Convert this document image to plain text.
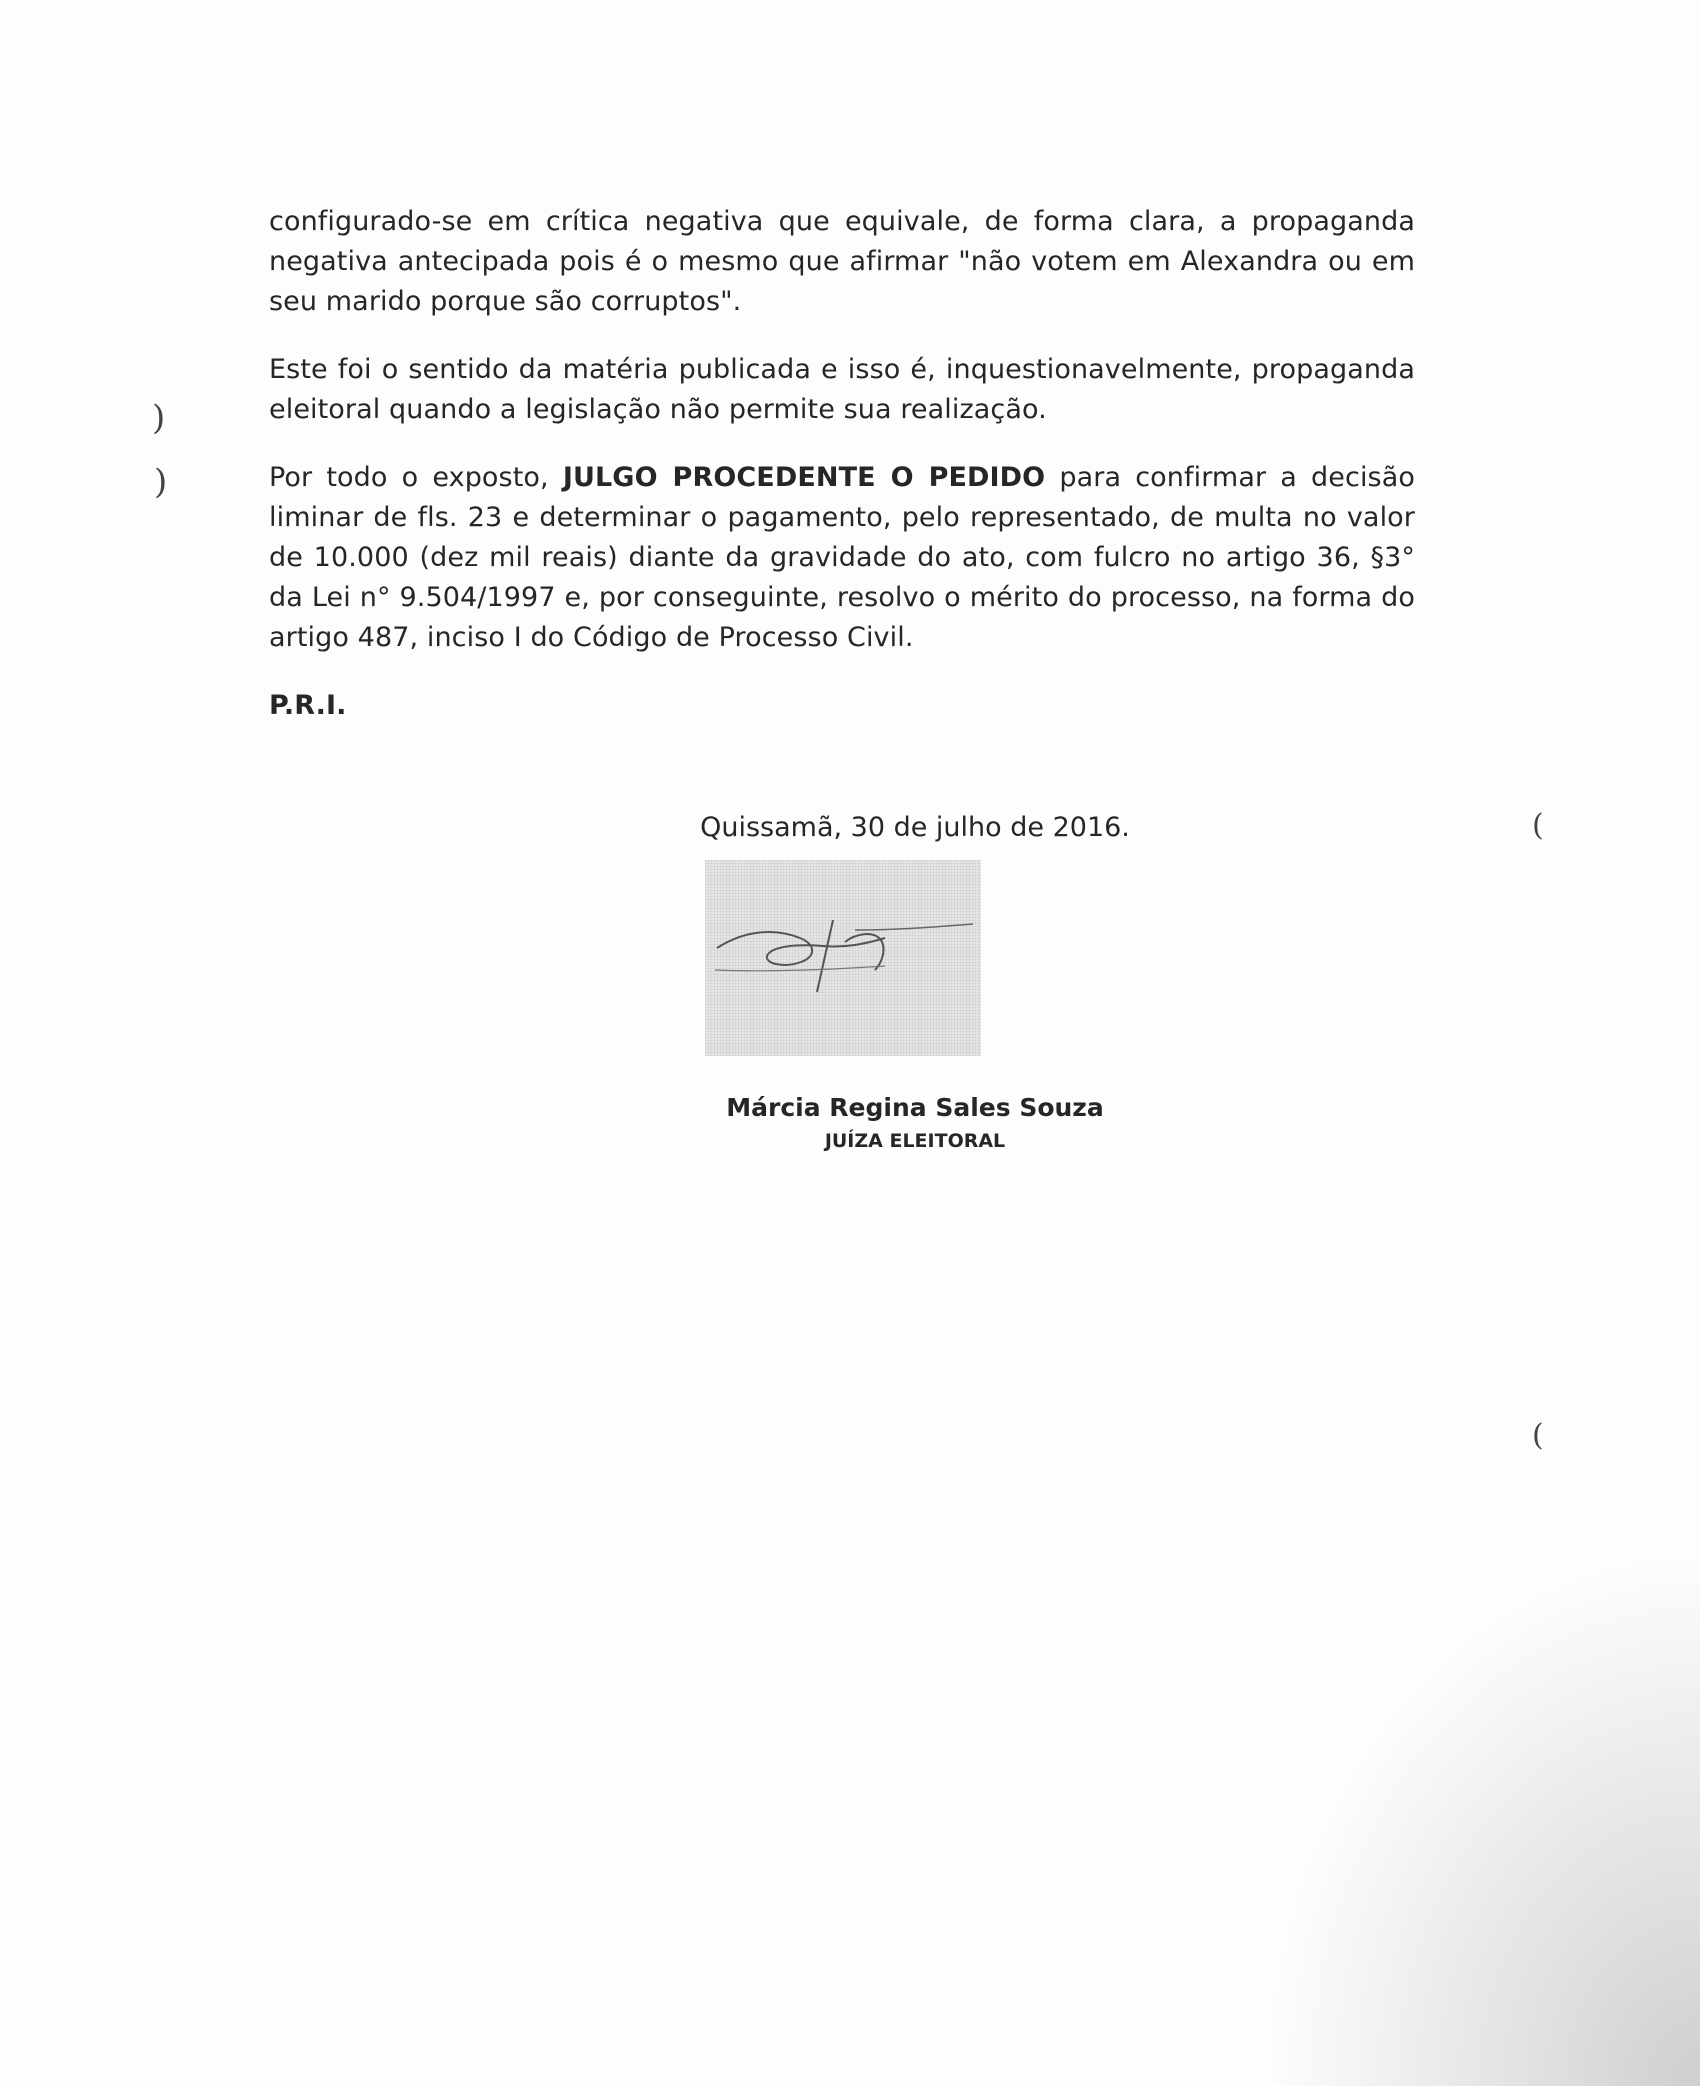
)
)
(
(

configurado-se em crítica negativa que equivale, de forma clara, a propaganda negativa antecipada pois é o mesmo que afirmar "não votem em Alexandra ou em seu marido porque são corruptos".

Este foi o sentido da matéria publicada e isso é, inquestionavelmente, propaganda eleitoral quando a legislação não permite sua realização.

Por todo o exposto, JULGO PROCEDENTE O PEDIDO para confirmar a decisão liminar de fls. 23 e determinar o pagamento, pelo representado, de multa no valor de 10.000 (dez mil reais) diante da gravidade do ato, com fulcro no artigo 36, §3° da Lei n° 9.504/1997 e, por conseguinte, resolvo o mérito do processo, na forma do artigo 487, inciso I do Código de Processo Civil.

P.R.I.

Quissamã, 30 de julho de 2016.
Márcia Regina Sales Souza
JUÍZA ELEITORAL
